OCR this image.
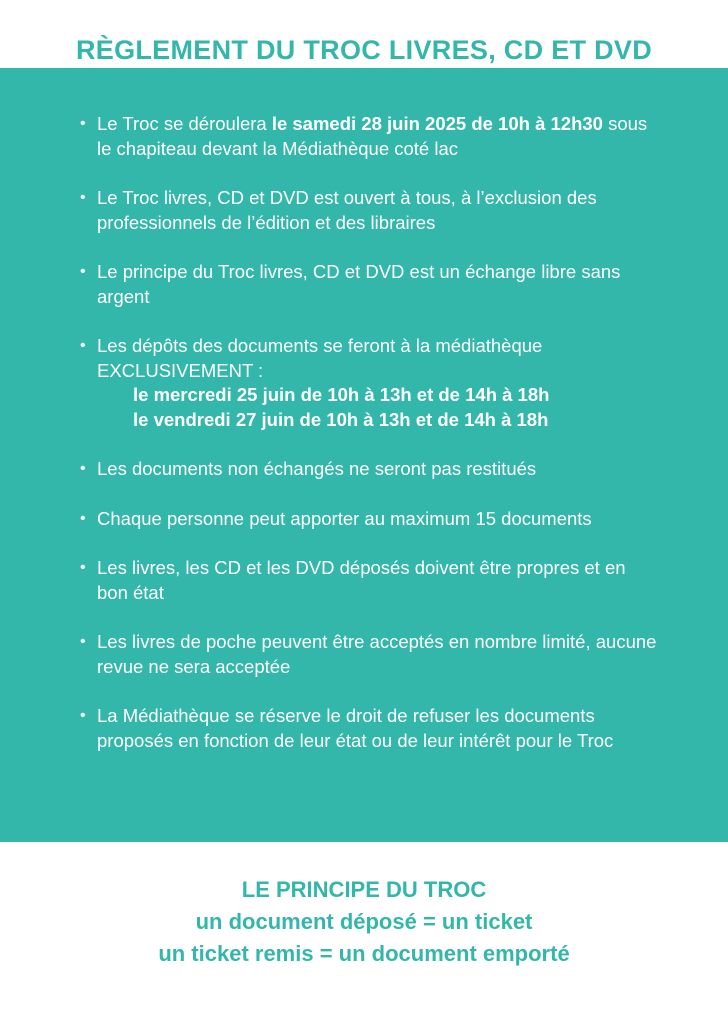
RÈGLEMENT DU TROC LIVRES, CD ET DVD
• Le Troc se déroulera le samedi 28 juin 2025 de 10h à 12h30 sous le chapiteau devant la Médiathèque coté lac
• Le Troc livres, CD et DVD est ouvert à tous, à l’exclusion des professionnels de l’édition et des libraires
• Le principe du Troc livres, CD et DVD est un échange libre sans argent
• Les dépôts des documents se feront à la médiathèque EXCLUSIVEMENT :
le mercredi 25 juin de 10h à 13h et de 14h à 18h
le vendredi 27 juin de 10h à 13h et de 14h à 18h
• Les documents non échangés ne seront pas restitués
• Chaque personne peut apporter au maximum 15 documents
• Les livres, les CD et les DVD déposés doivent être propres et en bon état
• Les livres de poche peuvent être acceptés en nombre limité, aucune revue ne sera acceptée
• La Médiathèque se réserve le droit de refuser les documents proposés en fonction de leur état ou de leur intérêt pour le Troc
LE PRINCIPE DU TROC
un document déposé = un ticket
un ticket remis = un document emporté
